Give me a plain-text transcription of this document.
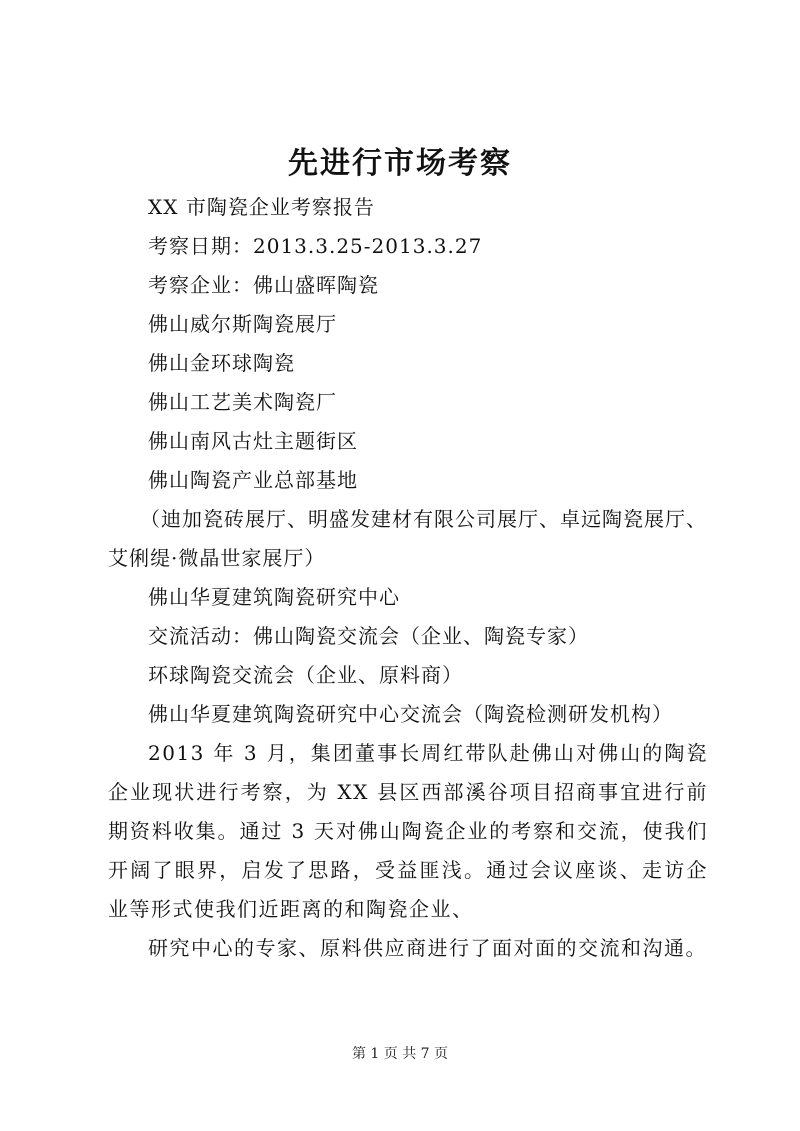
先进行市场考察
XX 市陶瓷企业考察报告
考察日期：2013.3.25-2013.3.27
考察企业：佛山盛晖陶瓷
佛山威尔斯陶瓷展厅
佛山金环球陶瓷
佛山工艺美术陶瓷厂
佛山南风古灶主题街区
佛山陶瓷产业总部基地
（迪加瓷砖展厅、明盛发建材有限公司展厅、卓远陶瓷展厅、
艾俐缇·微晶世家展厅）
佛山华夏建筑陶瓷研究中心
交流活动：佛山陶瓷交流会（企业、陶瓷专家）
环球陶瓷交流会（企业、原料商）
佛山华夏建筑陶瓷研究中心交流会（陶瓷检测研发机构）
2013 年 3 月，集团董事长周红带队赴佛山对佛山的陶瓷企业现状进行考察，为 XX 县区西部溪谷项目招商事宜进行前期资料收集。通过 3 天对佛山陶瓷企业的考察和交流，使我们开阔了眼界，启发了思路，受益匪浅。通过会议座谈、走访企业等形式使我们近距离的和陶瓷企业、
研究中心的专家、原料供应商进行了面对面的交流和沟通。
第 1 页 共 7 页
